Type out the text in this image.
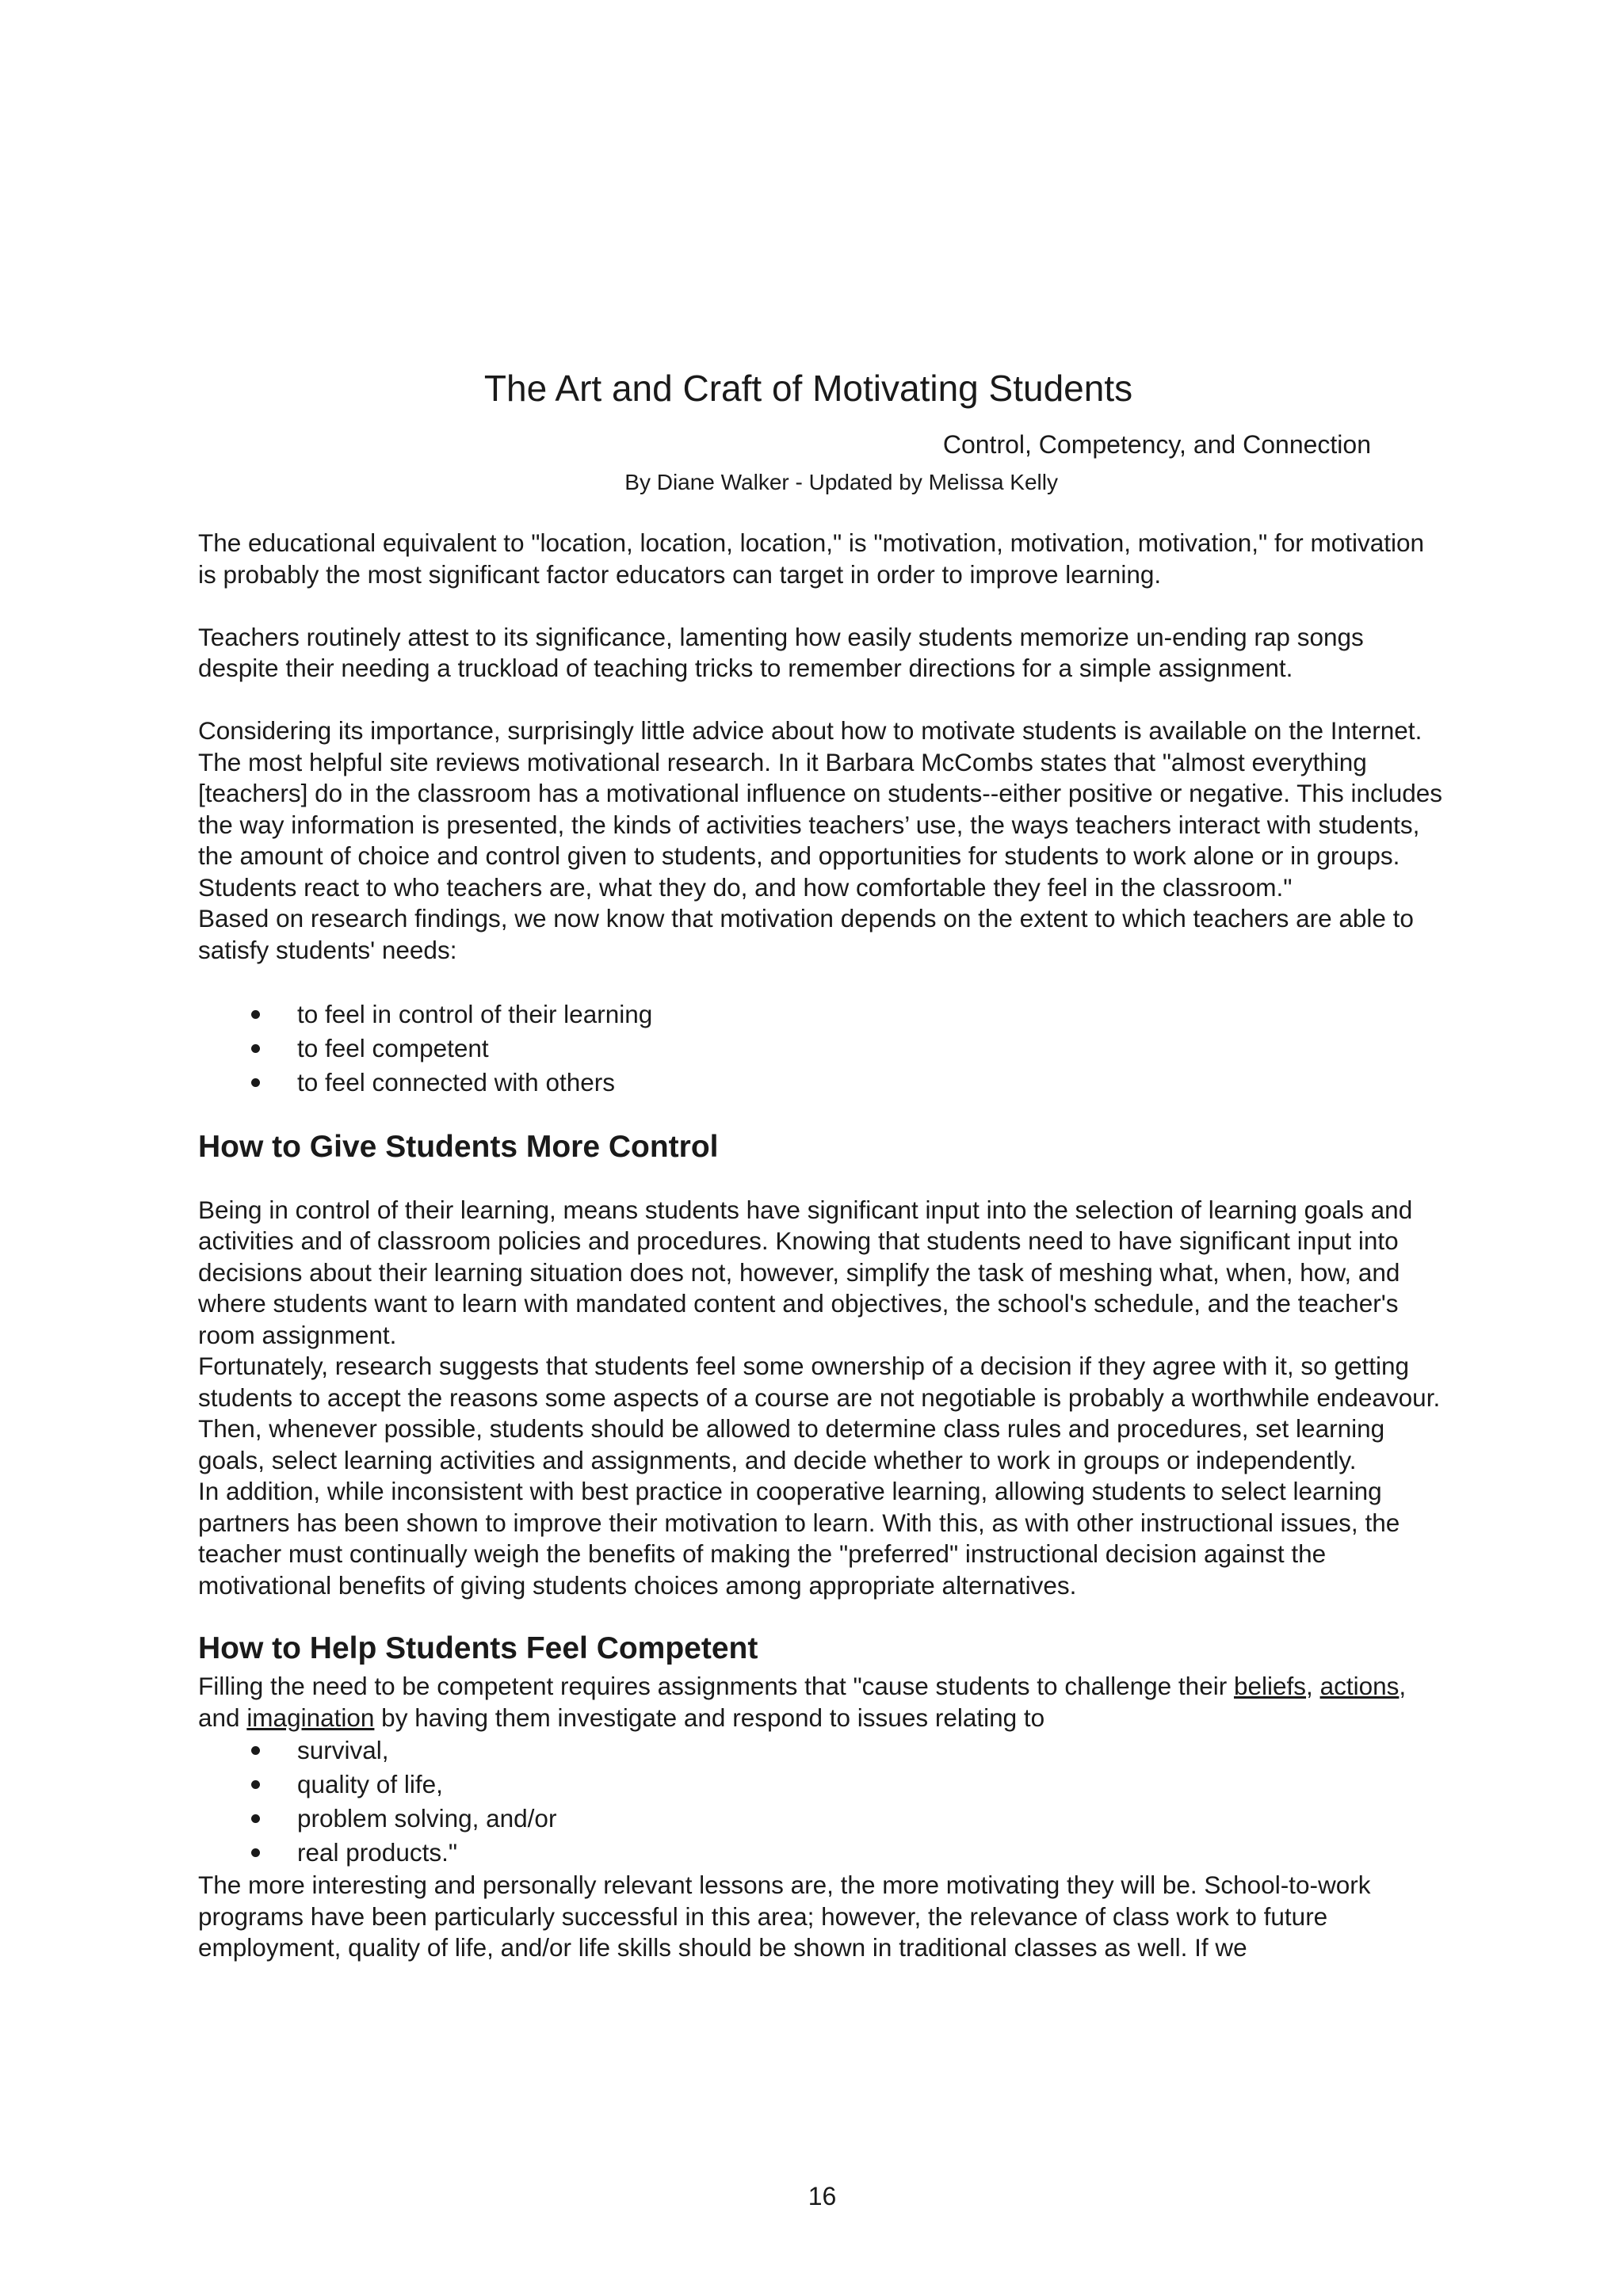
The Art and Craft of Motivating Students

Control, Competency, and Connection

By Diane Walker - Updated by Melissa Kelly

The educational equivalent to "location, location, location," is "motivation, motivation, motivation," for motivation is probably the most significant factor educators can target in order to improve learning.

Teachers routinely attest to its significance, lamenting how easily students memorize un-ending rap songs despite their needing a truckload of teaching tricks to remember directions for a simple assignment.

Considering its importance, surprisingly little advice about how to motivate students is available on the Internet. The most helpful site reviews motivational research. In it Barbara McCombs states that "almost everything [teachers] do in the classroom has a motivational influence on students--either positive or negative. This includes the way information is presented, the kinds of activities teachers’ use, the ways teachers interact with students, the amount of choice and control given to students, and opportunities for students to work alone or in groups. Students react to who teachers are, what they do, and how comfortable they feel in the classroom."

Based on research findings, we now know that motivation depends on the extent to which teachers are able to satisfy students' needs:

to feel in control of their learning
to feel competent
to feel connected with others
How to Give Students More Control

Being in control of their learning, means students have significant input into the selection of learning goals and activities and of classroom policies and procedures. Knowing that students need to have significant input into decisions about their learning situation does not, however, simplify the task of meshing what, when, how, and where students want to learn with mandated content and objectives, the school's schedule, and the teacher's room assignment.

Fortunately, research suggests that students feel some ownership of a decision if they agree with it, so getting students to accept the reasons some aspects of a course are not negotiable is probably a worthwhile endeavour. Then, whenever possible, students should be allowed to determine class rules and procedures, set learning goals, select learning activities and assignments, and decide whether to work in groups or independently.

In addition, while inconsistent with best practice in cooperative learning, allowing students to select learning partners has been shown to improve their motivation to learn. With this, as with other instructional issues, the teacher must continually weigh the benefits of making the "preferred" instructional decision against the motivational benefits of giving students choices among appropriate alternatives.

How to Help Students Feel Competent

Filling the need to be competent requires assignments that "cause students to challenge their beliefs, actions, and imagination by having them investigate and respond to issues relating to

survival,
quality of life,
problem solving, and/or
real products."

The more interesting and personally relevant lessons are, the more motivating they will be. School-to-work programs have been particularly successful in this area; however, the relevance of class work to future employment, quality of life, and/or life skills should be shown in traditional classes as well. If we

16
